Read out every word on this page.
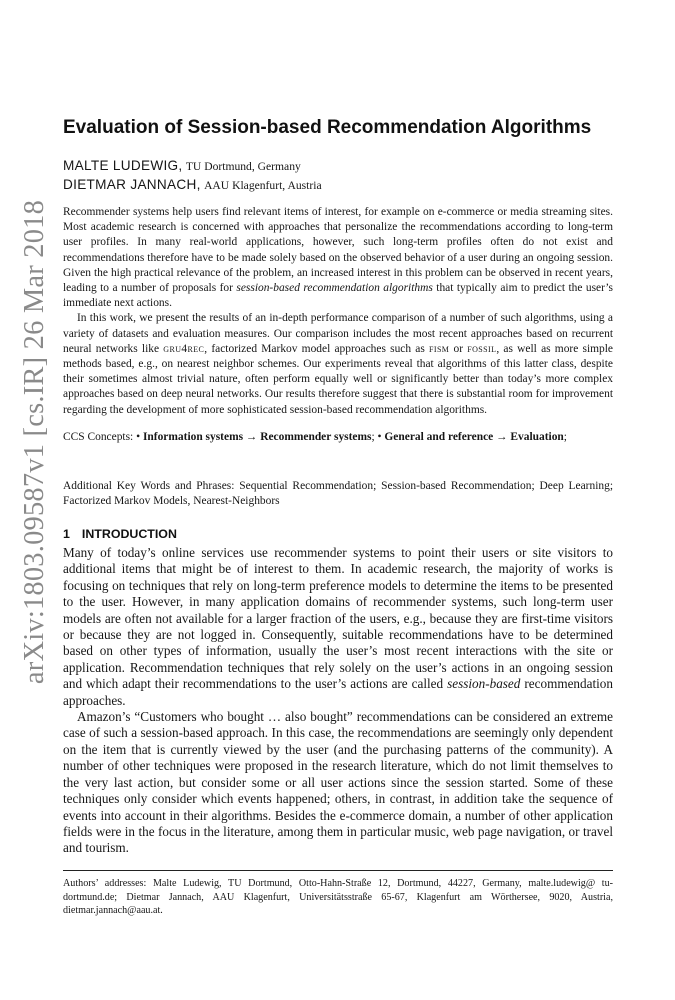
arXiv:1803.09587v1 [cs.IR] 26 Mar 2018
Evaluation of Session-based Recommendation Algorithms
MALTE LUDEWIG, TU Dortmund, Germany
DIETMAR JANNACH, AAU Klagenfurt, Austria

Recommender systems help users find relevant items of interest, for example on e-commerce or media streaming sites. Most academic research is concerned with approaches that personalize the recommendations according to long-term user profiles. In many real-world applications, however, such long-term profiles often do not exist and recommendations therefore have to be made solely based on the observed behavior of a user during an ongoing session. Given the high practical relevance of the problem, an increased interest in this problem can be observed in recent years, leading to a number of proposals for session-based recommendation algorithms that typically aim to predict the user’s immediate next actions.

In this work, we present the results of an in-depth performance comparison of a number of such algorithms, using a variety of datasets and evaluation measures. Our comparison includes the most recent approaches based on recurrent neural networks like gru4rec, factorized Markov model approaches such as fism or fossil, as well as more simple methods based, e.g., on nearest neighbor schemes. Our experiments reveal that algorithms of this latter class, despite their sometimes almost trivial nature, often perform equally well or significantly better than today’s more complex approaches based on deep neural networks. Our results therefore suggest that there is substantial room for improvement regarding the development of more sophisticated session-based recommendation algorithms.

CCS Concepts: • Information systems → Recommender systems; • General and reference → Evaluation;
Additional Key Words and Phrases: Sequential Recommendation; Session-based Recommendation; Deep Learning; Factorized Markov Models, Nearest-Neighbors
1 INTRODUCTION

Many of today’s online services use recommender systems to point their users or site visitors to additional items that might be of interest to them. In academic research, the majority of works is focusing on techniques that rely on long-term preference models to determine the items to be presented to the user. However, in many application domains of recommender systems, such long-term user models are often not available for a larger fraction of the users, e.g., because they are first-time visitors or because they are not logged in. Consequently, suitable recommendations have to be determined based on other types of information, usually the user’s most recent interactions with the site or application. Recommendation techniques that rely solely on the user’s actions in an ongoing session and which adapt their recommendations to the user’s actions are called session-based recommendation approaches.

Amazon’s “Customers who bought … also bought” recommendations can be considered an extreme case of such a session-based approach. In this case, the recommendations are seemingly only dependent on the item that is currently viewed by the user (and the purchasing patterns of the community). A number of other techniques were proposed in the research literature, which do not limit themselves to the very last action, but consider some or all user actions since the session started. Some of these techniques only consider which events happened; others, in contrast, in addition take the sequence of events into account in their algorithms. Besides the e-commerce domain, a number of other application fields were in the focus in the literature, among them in particular music, web page navigation, or travel and tourism.

Authors’ addresses: Malte Ludewig, TU Dortmund, Otto-Hahn-Straße 12, Dortmund, 44227, Germany, malte.ludewig@ tu-dortmund.de; Dietmar Jannach, AAU Klagenfurt, Universitätsstraße 65-67, Klagenfurt am Wörthersee, 9020, Austria, dietmar.jannach@aau.at.
